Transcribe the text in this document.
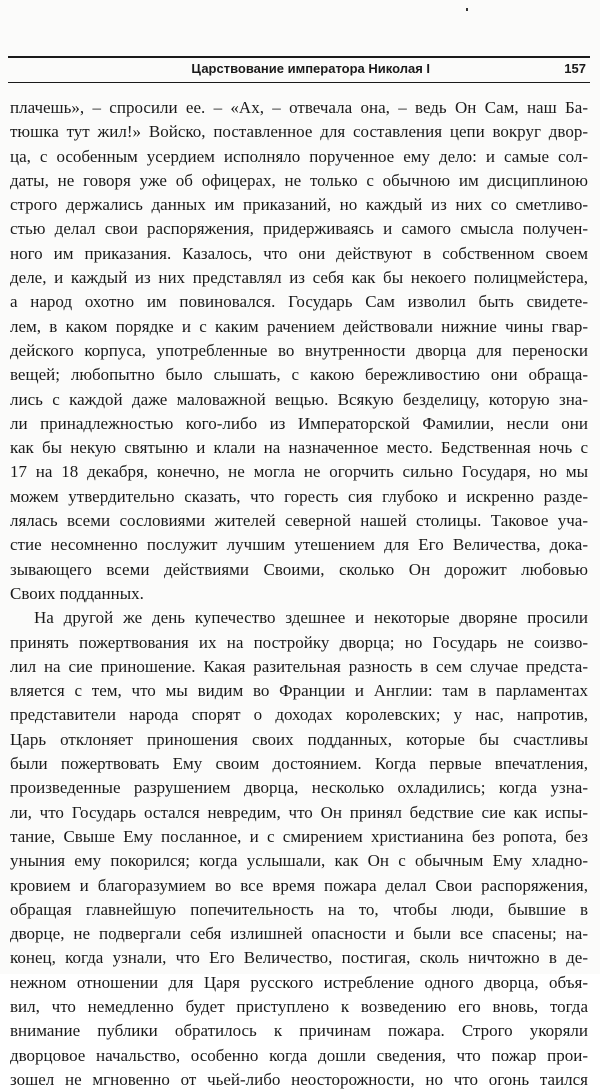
Царствование императора Николая I	157
плачешь», – спросили ее. – «Ах, – отвечала она, – ведь Он Сам, наш Ба-
тюшка тут жил!» Войско, поставленное для составления цепи вокруг двор-
ца, с особенным усердием исполняло порученное ему дело: и самые сол-
даты, не говоря уже об офицерах, не только с обычною им дисциплиною
строго держались данных им приказаний, но каждый из них со сметливо-
стью делал свои распоряжения, придерживаясь и самого смысла получен-
ного им приказания. Казалось, что они действуют в собственном своем
деле, и каждый из них представлял из себя как бы некоего полицмейстера,
а народ охотно им повиновался. Государь Сам изволил быть свидете-
лем, в каком порядке и с каким рачением действовали нижние чины гвар-
дейского корпуса, употребленные во внутренности дворца для переноски
вещей; любопытно было слышать, с какою бережливостию они обраща-
лись с каждой даже маловажной вещью. Всякую безделицу, которую зна-
ли принадлежностью кого-либо из Императорской Фамилии, несли они
как бы некую святыню и клали на назначенное место. Бедственная ночь с
17 на 18 декабря, конечно, не могла не огорчить сильно Государя, но мы
можем утвердительно сказать, что горесть сия глубоко и искренно разде-
лялась всеми сословиями жителей северной нашей столицы. Таковое уча-
стие несомненно послужит лучшим утешением для Его Величества, дока-
зывающего всеми действиями Своими, сколько Он дорожит любовью
Своих подданных.
На другой же день купечество здешнее и некоторые дворяне просили
принять пожертвования их на постройку дворца; но Государь не соизво-
лил на сие приношение. Какая разительная разность в сем случае предста-
вляется с тем, что мы видим во Франции и Англии: там в парламентах
представители народа спорят о доходах королевских; у нас, напротив,
Царь отклоняет приношения своих подданных, которые бы счастливы
были пожертвовать Ему своим достоянием. Когда первые впечатления,
произведенные разрушением дворца, несколько охладились; когда узна-
ли, что Государь остался невредим, что Он принял бедствие сие как испы-
тание, Свыше Ему посланное, и с смирением христианина без ропота, без
уныния ему покорился; когда услышали, как Он с обычным Ему хладно-
кровием и благоразумием во все время пожара делал Свои распоряжения,
обращая главнейшую попечительность на то, чтобы люди, бывшие в
дворце, не подвергали себя излишней опасности и были все спасены; на-
конец, когда узнали, что Его Величество, постигая, сколь ничтожно в де-
нежном отношении для Царя русского истребление одного дворца, объя-
вил, что немедленно будет приступлено к возведению его вновь, тогда
внимание публики обратилось к причинам пожара. Строго укоряли
дворцовое начальство, особенно когда дошли сведения, что пожар прои-
зошел не мгновенно от чьей-либо неосторожности, но что огонь таился
